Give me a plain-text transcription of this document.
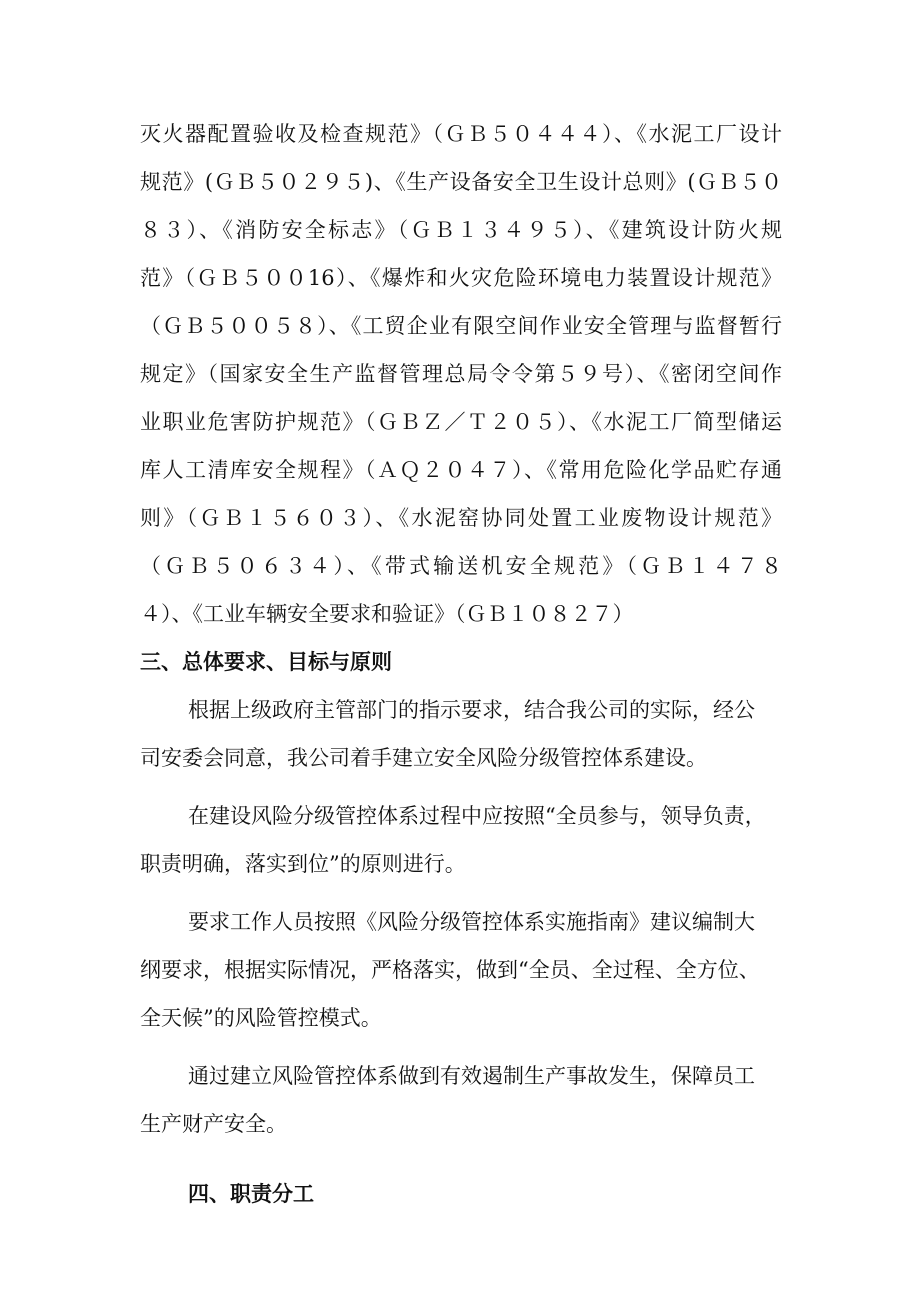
灭火器配置验收及检查规范》（ＧＢ５０４４４）、《水泥工厂设计
规范》(ＧＢ５０２９５)、《生产设备安全卫生设计总则》(ＧＢ５０
８３）、《消防安全标志》（ＧＢ１３４９５）、《建筑设计防火规
范》（ＧＢ５００16）、《爆炸和火灾危险环境电力装置设计规范》
（ＧＢ５００５８）、《工贸企业有限空间作业安全管理与监督暂行
规定》（国家安全生产监督管理总局令令第５９号）、《密闭空间作
业职业危害防护规范》（ＧＢＺ／Ｔ２０５）、《水泥工厂简型储运
库人工清库安全规程》（ＡＱ２０４７）、《常用危险化学品贮存通
则》（ＧＢ１５６０３）、《水泥窑协同处置工业废物设计规范》
（ＧＢ５０６３４）、《带式输送机安全规范》（ＧＢ１４７８
４）、《工业车辆安全要求和验证》（ＧＢ１０８２７）
三、总体要求、目标与原则
根据上级政府主管部门的指示要求，结合我公司的实际，经公
司安委会同意，我公司着手建立安全风险分级管控体系建设。
在建设风险分级管控体系过程中应按照“全员参与，领导负责，
职责明确，落实到位”的原则进行。
要求工作人员按照《风险分级管控体系实施指南》建议编制大
纲要求，根据实际情况，严格落实，做到“全员、全过程、全方位、
全天候”的风险管控模式。
通过建立风险管控体系做到有效遏制生产事故发生，保障员工
生产财产安全。
四、职责分工
